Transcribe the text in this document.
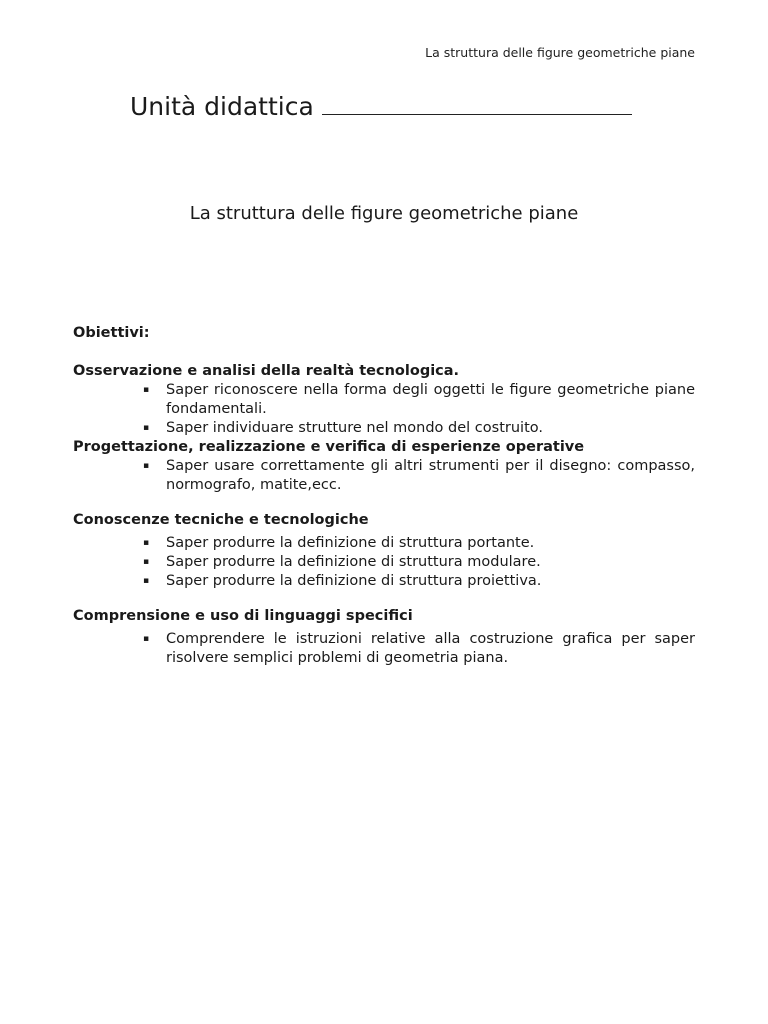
La struttura delle figure geometriche piane
Unità didattica
La struttura delle figure geometriche piane
Obiettivi:
Osservazione e analisi della realtà tecnologica.
▪ Saper riconoscere nella forma degli oggetti le figure geometriche piane fondamentali.
▪ Saper individuare strutture nel mondo del costruito.
Progettazione, realizzazione e verifica di esperienze operative
▪ Saper usare correttamente gli altri strumenti per il disegno: compasso, normografo, matite,ecc.
Conoscenze tecniche e tecnologiche
▪ Saper produrre la definizione di struttura portante.
▪ Saper produrre la definizione di struttura modulare.
▪ Saper produrre la definizione di struttura proiettiva.
Comprensione e uso di linguaggi specifici
▪ Comprendere le istruzioni relative alla costruzione grafica per saper risolvere semplici problemi di geometria piana.
